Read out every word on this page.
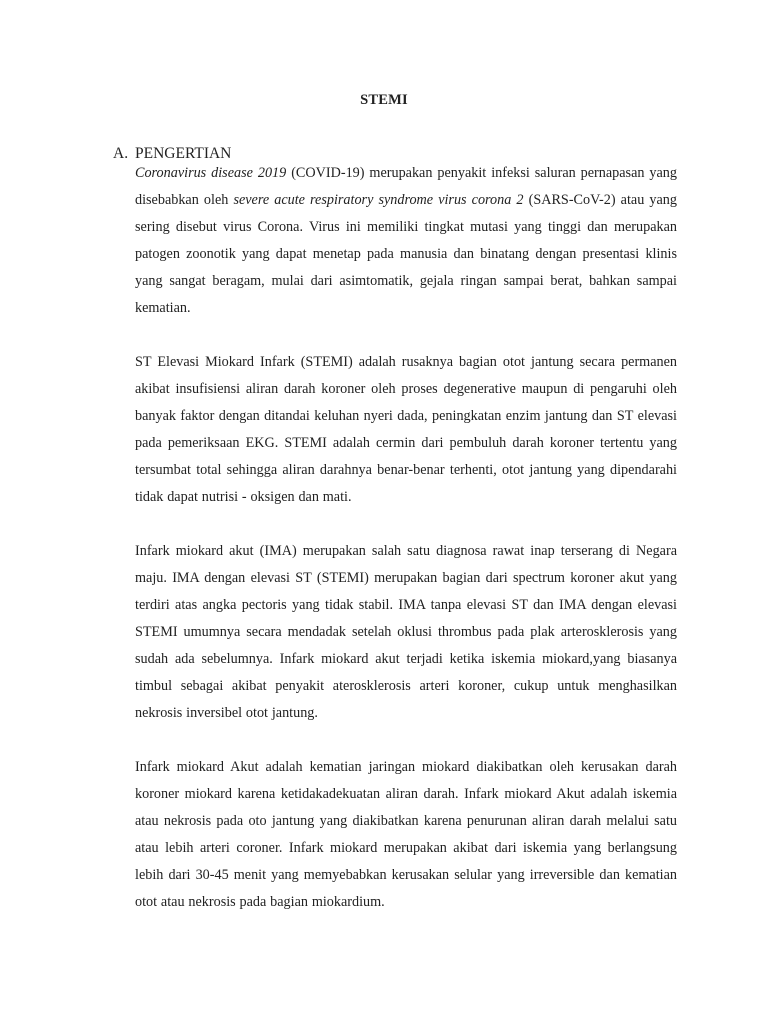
STEMI
A. PENGERTIAN

Coronavirus disease 2019 (COVID-19) merupakan penyakit infeksi saluran pernapasan yang disebabkan oleh severe acute respiratory syndrome virus corona 2 (SARS-CoV-2) atau yang sering disebut virus Corona. Virus ini memiliki tingkat mutasi yang tinggi dan merupakan patogen zoonotik yang dapat menetap pada manusia dan binatang dengan presentasi klinis yang sangat beragam, mulai dari asimtomatik, gejala ringan sampai berat, bahkan sampai kematian.

ST Elevasi Miokard Infark (STEMI) adalah rusaknya bagian otot jantung secara permanen akibat insufisiensi aliran darah koroner oleh proses degenerative maupun di pengaruhi oleh banyak faktor dengan ditandai keluhan nyeri dada, peningkatan enzim jantung dan ST elevasi pada pemeriksaan EKG. STEMI adalah cermin dari pembuluh darah koroner tertentu yang tersumbat total sehingga aliran darahnya benar-benar terhenti, otot jantung yang dipendarahi tidak dapat nutrisi - oksigen dan mati.

Infark miokard akut (IMA) merupakan salah satu diagnosa rawat inap terserang di Negara maju. IMA dengan elevasi ST (STEMI) merupakan bagian dari spectrum koroner akut yang terdiri atas angka pectoris yang tidak stabil. IMA tanpa elevasi ST dan IMA dengan elevasi STEMI umumnya secara mendadak setelah oklusi thrombus pada plak arterosklerosis yang sudah ada sebelumnya. Infark miokard akut terjadi ketika iskemia miokard,yang biasanya timbul sebagai akibat penyakit aterosklerosis arteri koroner, cukup untuk menghasilkan nekrosis inversibel otot jantung.

Infark miokard Akut adalah kematian jaringan miokard diakibatkan oleh kerusakan darah koroner miokard karena ketidakadekuatan aliran darah. Infark miokard Akut adalah iskemia atau nekrosis pada oto jantung yang diakibatkan karena penurunan aliran darah melalui satu atau lebih arteri coroner. Infark miokard merupakan akibat dari iskemia yang berlangsung lebih dari 30-45 menit yang memyebabkan kerusakan selular yang irreversible dan kematian otot atau nekrosis pada bagian miokardium.
